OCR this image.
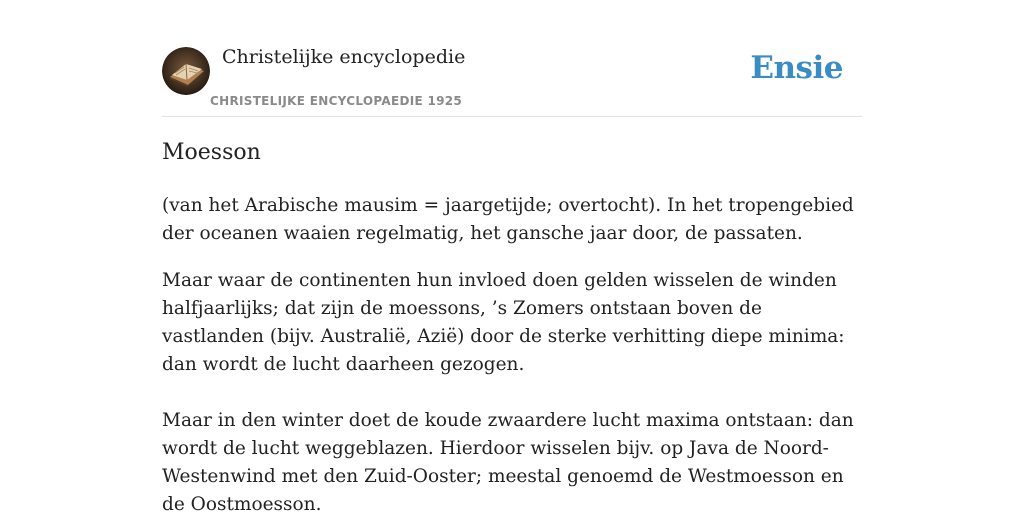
Christelijke encyclopedie
CHRISTELIJKE ENCYCLOPAEDIE 1925
Ensie
Moesson

(van het Arabische mausim = jaargetijde; overtocht). In het tropengebied der oceanen waaien regelmatig, het gansche jaar door, de passaten.

Maar waar de continenten hun invloed doen gelden wisselen de winden halfjaarlijks; dat zijn de moessons, ’s Zomers ontstaan boven de vastlanden (bijv. Australië, Azië) door de sterke verhitting diepe minima: dan wordt de lucht daarheen gezogen.

Maar in den winter doet de koude zwaardere lucht maxima ontstaan: dan wordt de lucht weggeblazen. Hierdoor wisselen bijv. op Java de Noord-Westenwind met den Zuid-Ooster; meestal genoemd de Westmoesson en de Oostmoesson.
